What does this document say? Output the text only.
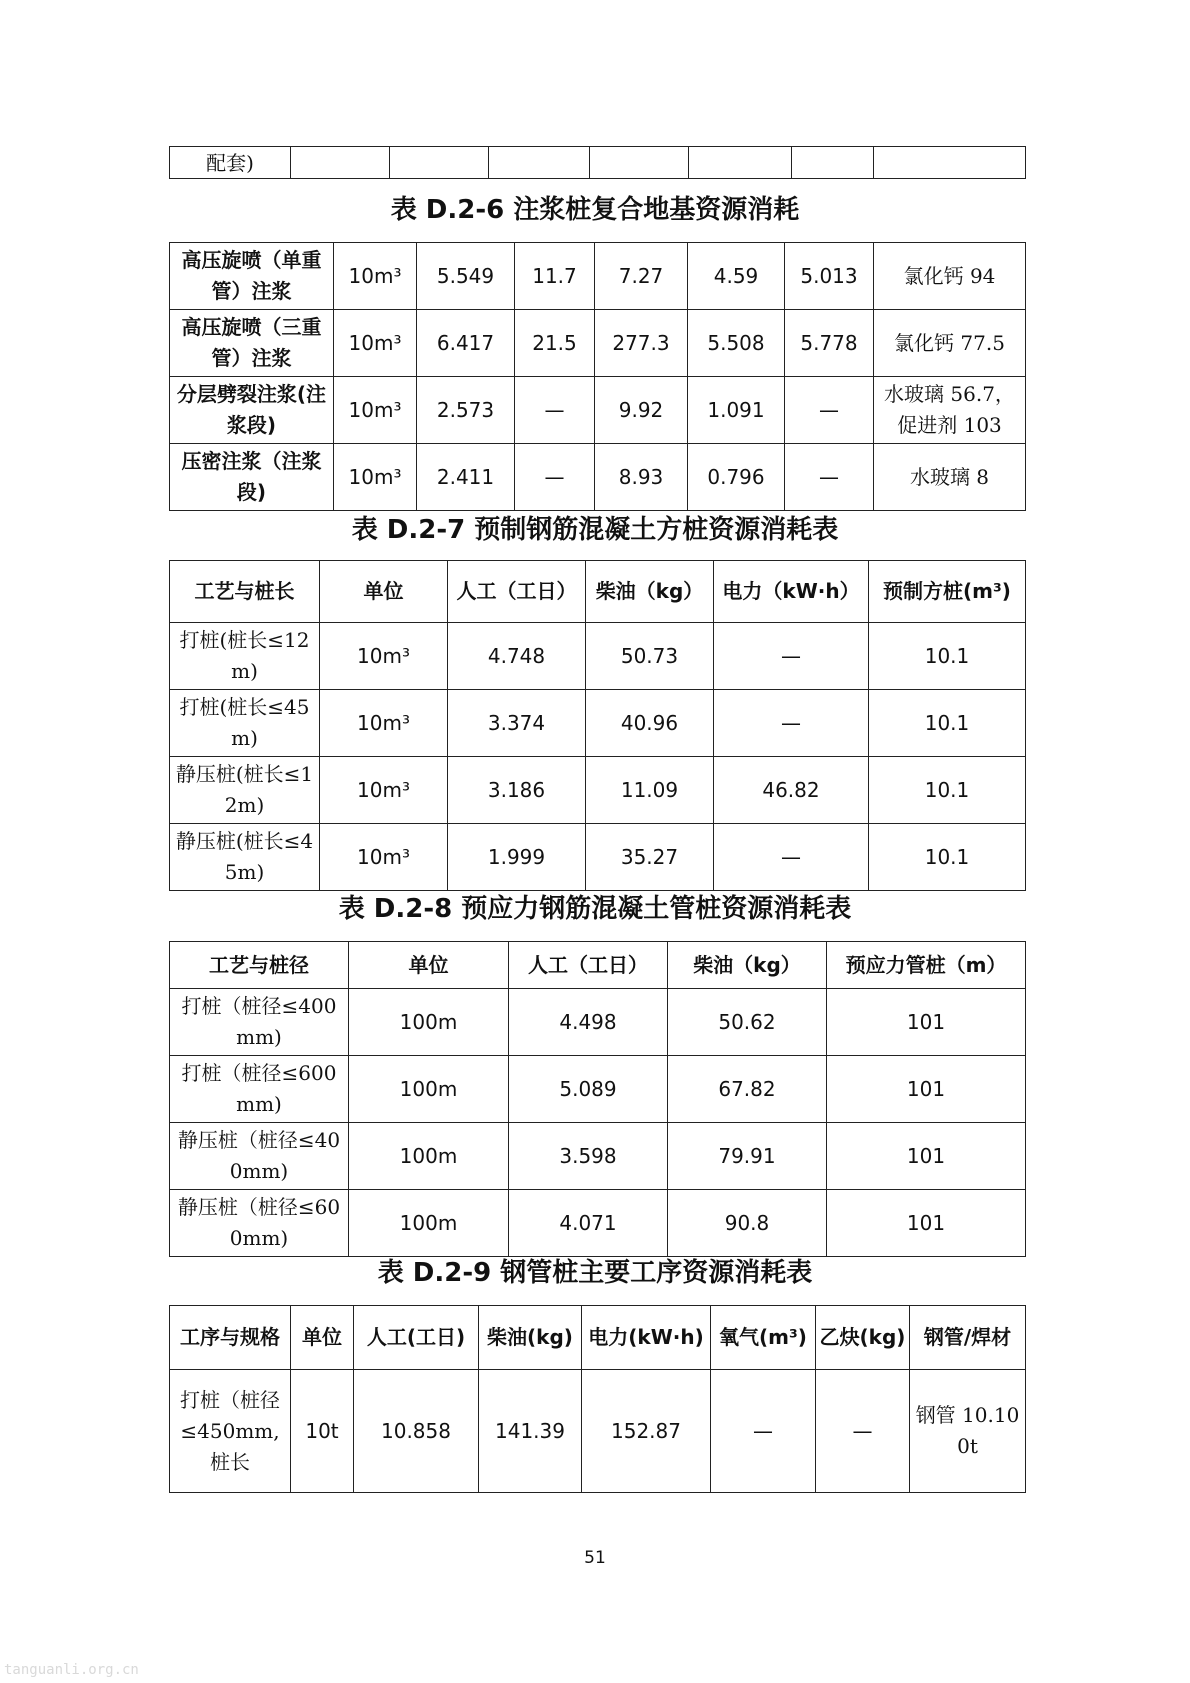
配套)							
表 D.2-6 注浆桩复合地基资源消耗
高压旋喷（单重管）注浆	10m³	5.549	11.7	7.27	4.59	5.013	氯化钙 94
高压旋喷（三重管）注浆	10m³	6.417	21.5	277.3	5.508	5.778	氯化钙 77.5
分层劈裂注浆(注浆段)	10m³	2.573	—	9.92	1.091	—	水玻璃 56.7，促进剂 103
压密注浆（注浆段)	10m³	2.411	—	8.93	0.796	—	水玻璃 8
表 D.2-7 预制钢筋混凝土方桩资源消耗表
工艺与桩长	单位	人工（工日）	柴油（kg）	电力（kW·h）	预制方桩(m³)
打桩(桩长≤12m)	10m³	4.748	50.73	—	10.1
打桩(桩长≤45m)	10m³	3.374	40.96	—	10.1
静压桩(桩长≤12m)	10m³	3.186	11.09	46.82	10.1
静压桩(桩长≤45m)	10m³	1.999	35.27	—	10.1
表 D.2-8 预应力钢筋混凝土管桩资源消耗表
工艺与桩径	单位	人工（工日）	柴油（kg）	预应力管桩（m）
打桩（桩径≤400mm)	100m	4.498	50.62	101
打桩（桩径≤600mm)	100m	5.089	67.82	101
静压桩（桩径≤400mm)	100m	3.598	79.91	101
静压桩（桩径≤600mm)	100m	4.071	90.8	101
表 D.2-9 钢管桩主要工序资源消耗表
工序与规格	单位	人工(工日)	柴油(kg)	电力(kW·h)	氧气(m³)	乙炔(kg)	钢管/焊材
打桩（桩径≤450mm,桩长	10t	10.858	141.39	152.87	—	—	钢管 10.100t
51
tanguanli.org.cn
